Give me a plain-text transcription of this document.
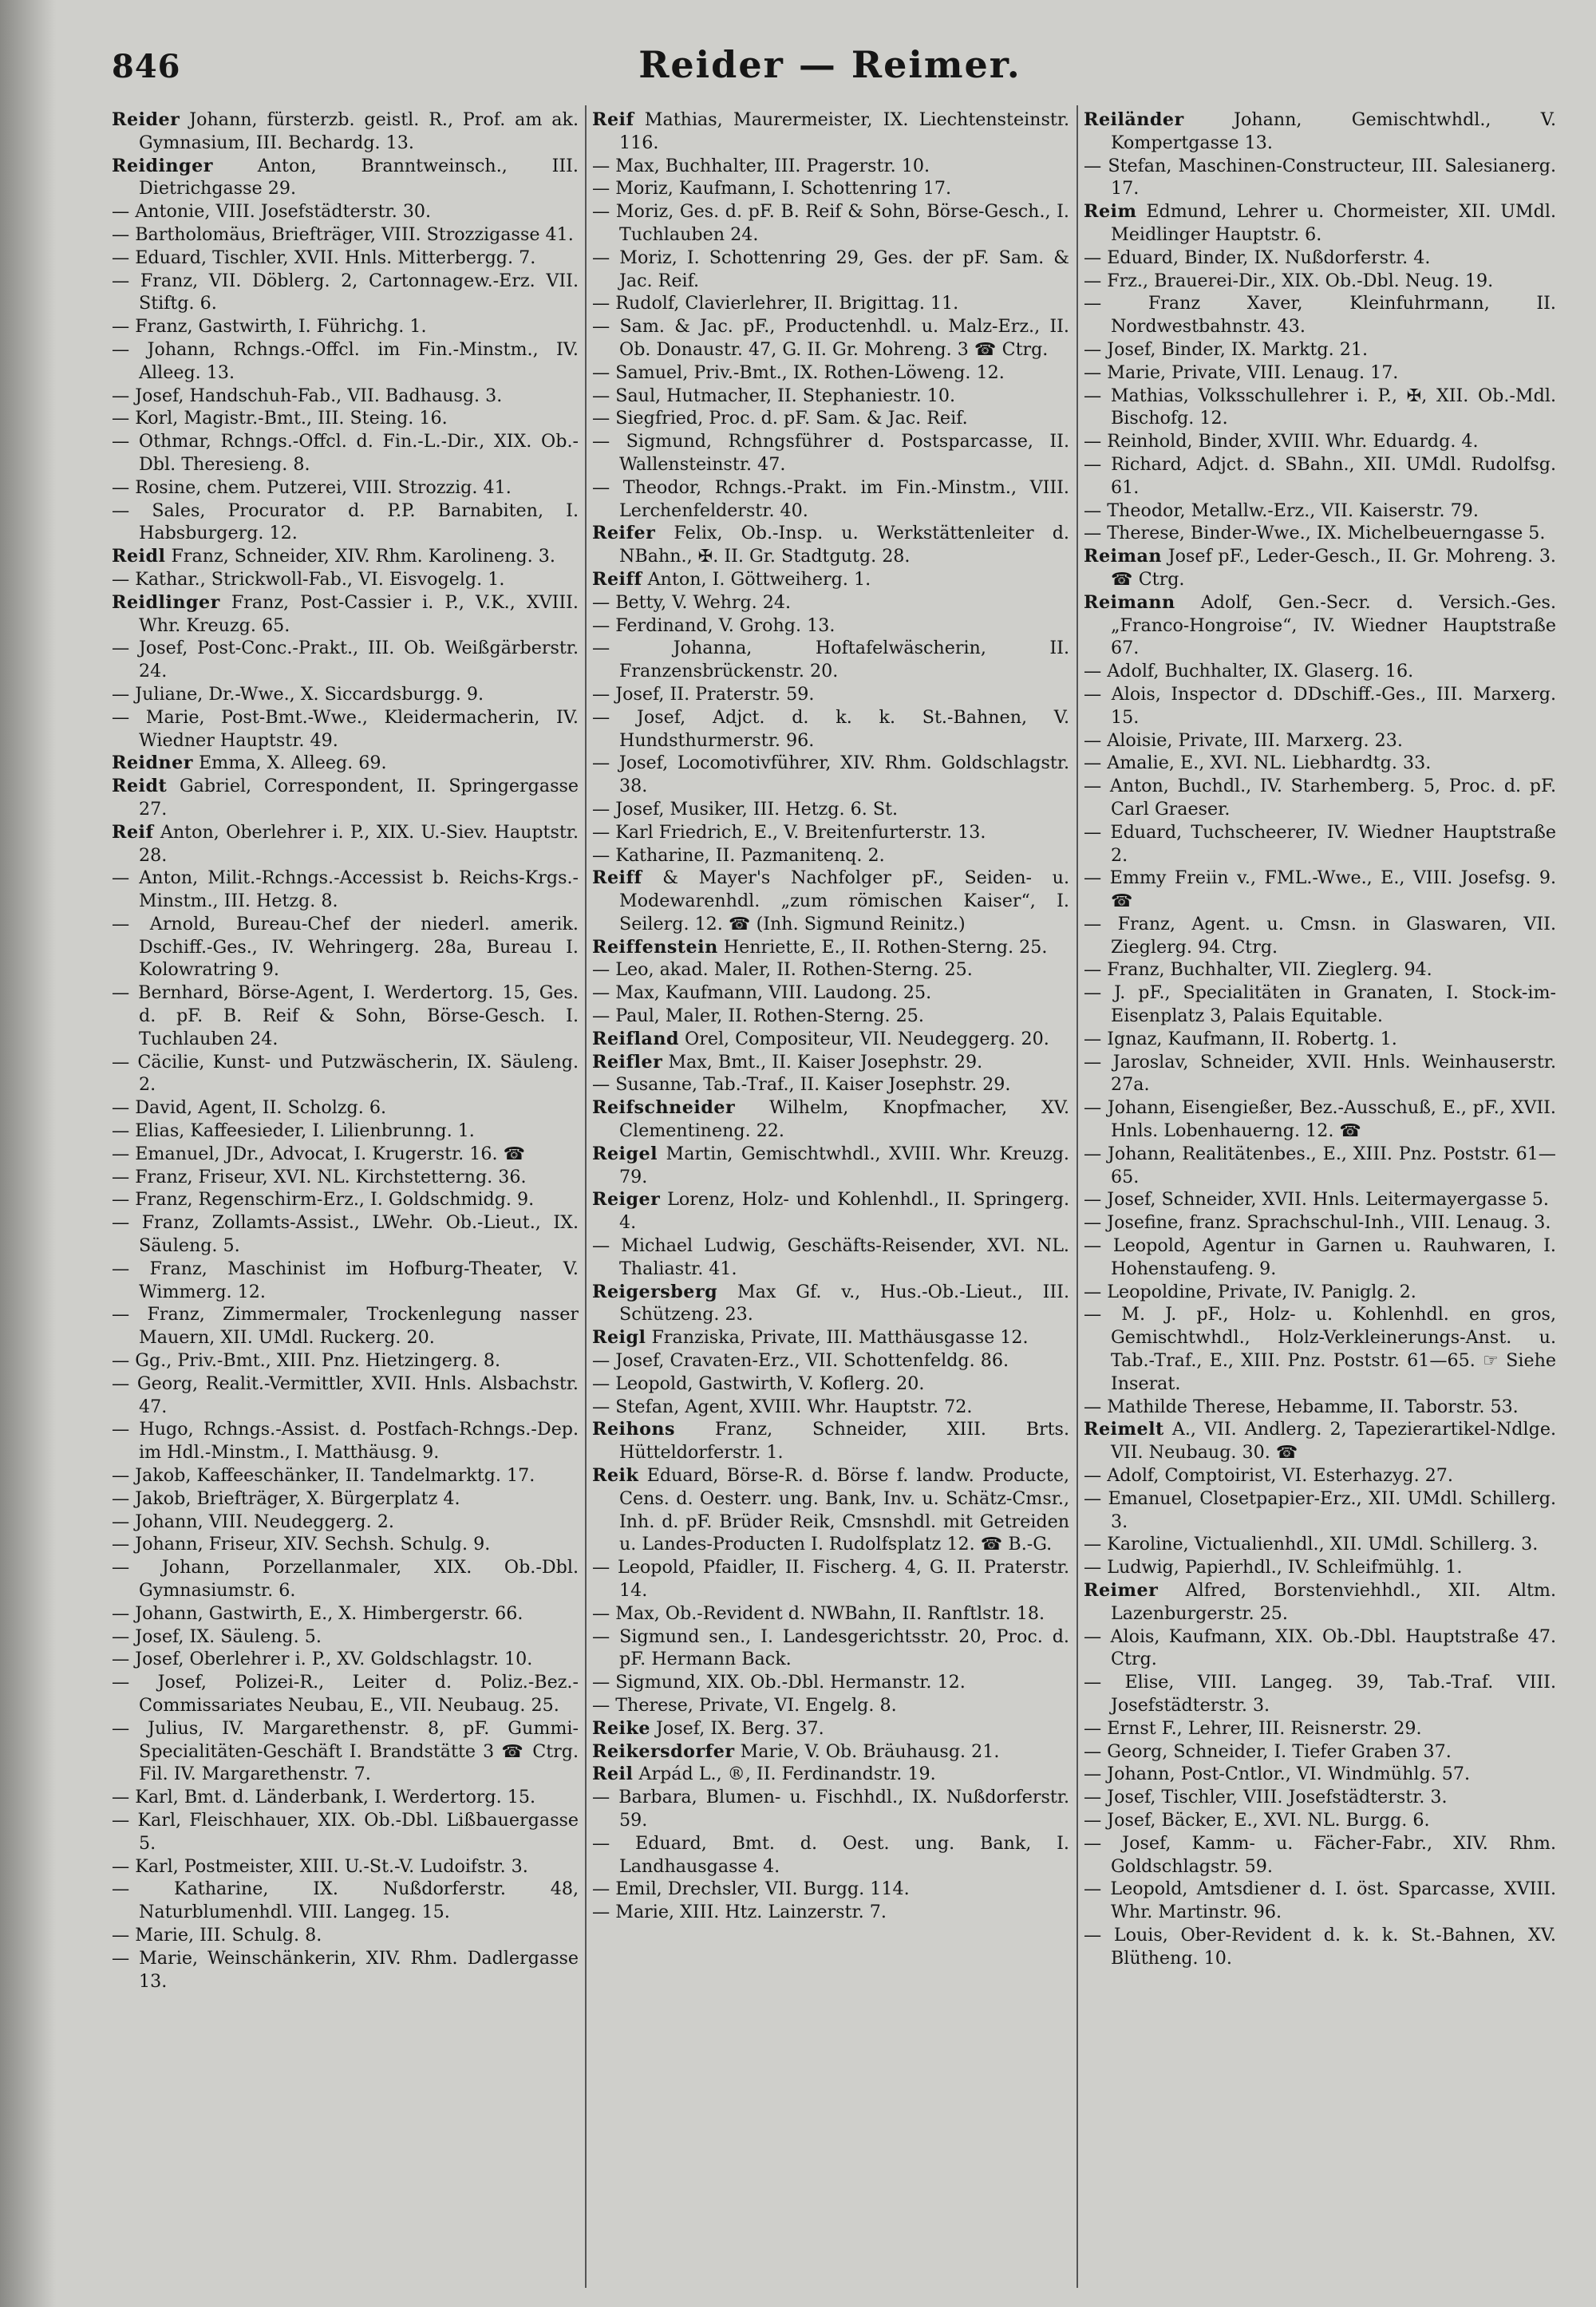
846	Reider — Reimer.

Reider Johann, fürsterzb. geistl. R., Prof. am ak. Gymnasium, III. Bechardg. 13.

Reidinger Anton, Branntweinsch., III. Dietrichgasse 29.

— Antonie, VIII. Josefstädterstr. 30.

— Bartholomäus, Briefträger, VIII. Strozzigasse 41.

— Eduard, Tischler, XVII. Hnls. Mitterbergg. 7.

— Franz, VII. Döblerg. 2, Cartonnagew.-Erz. VII. Stiftg. 6.

— Franz, Gastwirth, I. Führichg. 1.

— Johann, Rchngs.-Offcl. im Fin.-Minstm., IV. Alleeg. 13.

— Josef, Handschuh-Fab., VII. Badhausg. 3.

— Korl, Magistr.-Bmt., III. Steing. 16.

— Othmar, Rchngs.-Offcl. d. Fin.-L.-Dir., XIX. Ob.-Dbl. Theresieng. 8.

— Rosine, chem. Putzerei, VIII. Strozzig. 41.

— Sales, Procurator d. P.P. Barnabiten, I. Habsburgerg. 12.

Reidl Franz, Schneider, XIV. Rhm. Karolineng. 3.

— Kathar., Strickwoll-Fab., VI. Eisvogelg. 1.

Reidlinger Franz, Post-Cassier i. P., V.K., XVIII. Whr. Kreuzg. 65.

— Josef, Post-Conc.-Prakt., III. Ob. Weißgärberstr. 24.

— Juliane, Dr.-Wwe., X. Siccardsburgg. 9.

— Marie, Post-Bmt.-Wwe., Kleidermacherin, IV. Wiedner Hauptstr. 49.

Reidner Emma, X. Alleeg. 69.

Reidt Gabriel, Correspondent, II. Springergasse 27.

Reif Anton, Oberlehrer i. P., XIX. U.-Siev. Hauptstr. 28.

— Anton, Milit.-Rchngs.-Accessist b. Reichs-Krgs.-Minstm., III. Hetzg. 8.

— Arnold, Bureau-Chef der niederl. amerik. Dschiff.-Ges., IV. Wehringerg. 28a, Bureau I. Kolowratring 9.

— Bernhard, Börse-Agent, I. Werdertorg. 15, Ges. d. pF. B. Reif & Sohn, Börse-Gesch. I. Tuchlauben 24.

— Cäcilie, Kunst- und Putzwäscherin, IX. Säuleng. 2.

— David, Agent, II. Scholzg. 6.

— Elias, Kaffeesieder, I. Lilienbrunng. 1.

— Emanuel, JDr., Advocat, I. Krugerstr. 16. ☎

— Franz, Friseur, XVI. NL. Kirchstetterng. 36.

— Franz, Regenschirm-Erz., I. Goldschmidg. 9.

— Franz, Zollamts-Assist., LWehr. Ob.-Lieut., IX. Säuleng. 5.

— Franz, Maschinist im Hofburg-Theater, V. Wimmerg. 12.

— Franz, Zimmermaler, Trockenlegung nasser Mauern, XII. UMdl. Ruckerg. 20.

— Gg., Priv.-Bmt., XIII. Pnz. Hietzingerg. 8.

— Georg, Realit.-Vermittler, XVII. Hnls. Alsbachstr. 47.

— Hugo, Rchngs.-Assist. d. Postfach-Rchngs.-Dep. im Hdl.-Minstm., I. Matthäusg. 9.

— Jakob, Kaffeeschänker, II. Tandelmarktg. 17.

— Jakob, Briefträger, X. Bürgerplatz 4.

— Johann, VIII. Neudeggerg. 2.

— Johann, Friseur, XIV. Sechsh. Schulg. 9.

— Johann, Porzellanmaler, XIX. Ob.-Dbl. Gymnasiumstr. 6.

— Johann, Gastwirth, E., X. Himbergerstr. 66.

— Josef, IX. Säuleng. 5.

— Josef, Oberlehrer i. P., XV. Goldschlagstr. 10.

— Josef, Polizei-R., Leiter d. Poliz.-Bez.-Commissariates Neubau, E., VII. Neubaug. 25.

— Julius, IV. Margarethenstr. 8, pF. Gummi-Specialitäten-Geschäft I. Brandstätte 3 ☎ Ctrg. Fil. IV. Margarethenstr. 7.

— Karl, Bmt. d. Länderbank, I. Werdertorg. 15.

— Karl, Fleischhauer, XIX. Ob.-Dbl. Lißbauergasse 5.

— Karl, Postmeister, XIII. U.-St.-V. Ludoifstr. 3.

— Katharine, IX. Nußdorferstr. 48, Naturblumenhdl. VIII. Langeg. 15.

— Marie, III. Schulg. 8.

— Marie, Weinschänkerin, XIV. Rhm. Dadlergasse 13.

Reif Mathias, Maurermeister, IX. Liechtensteinstr. 116.

— Max, Buchhalter, III. Pragerstr. 10.

— Moriz, Kaufmann, I. Schottenring 17.

— Moriz, Ges. d. pF. B. Reif & Sohn, Börse-Gesch., I. Tuchlauben 24.

— Moriz, I. Schottenring 29, Ges. der pF. Sam. & Jac. Reif.

— Rudolf, Clavierlehrer, II. Brigittag. 11.

— Sam. & Jac. pF., Productenhdl. u. Malz-Erz., II. Ob. Donaustr. 47, G. II. Gr. Mohreng. 3 ☎ Ctrg.

— Samuel, Priv.-Bmt., IX. Rothen-Löweng. 12.

— Saul, Hutmacher, II. Stephaniestr. 10.

— Siegfried, Proc. d. pF. Sam. & Jac. Reif.

— Sigmund, Rchngsführer d. Postsparcasse, II. Wallensteinstr. 47.

— Theodor, Rchngs.-Prakt. im Fin.-Minstm., VIII. Lerchenfelderstr. 40.

Reifer Felix, Ob.-Insp. u. Werkstättenleiter d. NBahn., ✠. II. Gr. Stadtgutg. 28.

Reiff Anton, I. Göttweiherg. 1.

— Betty, V. Wehrg. 24.

— Ferdinand, V. Grohg. 13.

— Johanna, Hoftafelwäscherin, II. Franzensbrückenstr. 20.

— Josef, II. Praterstr. 59.

— Josef, Adjct. d. k. k. St.-Bahnen, V. Hundsthurmerstr. 96.

— Josef, Locomotivführer, XIV. Rhm. Goldschlagstr. 38.

— Josef, Musiker, III. Hetzg. 6. St.

— Karl Friedrich, E., V. Breitenfurterstr. 13.

— Katharine, II. Pazmanitenq. 2.

Reiff & Mayer's Nachfolger pF., Seiden- u. Modewarenhdl. „zum römischen Kaiser“, I. Seilerg. 12. ☎ (Inh. Sigmund Reinitz.)

Reiffenstein Henriette, E., II. Rothen-Sterng. 25.

— Leo, akad. Maler, II. Rothen-Sterng. 25.

— Max, Kaufmann, VIII. Laudong. 25.

— Paul, Maler, II. Rothen-Sterng. 25.

Reifland Orel, Compositeur, VII. Neudeggerg. 20.

Reifler Max, Bmt., II. Kaiser Josephstr. 29.

— Susanne, Tab.-Traf., II. Kaiser Josephstr. 29.

Reifschneider Wilhelm, Knopfmacher, XV. Clementineng. 22.

Reigel Martin, Gemischtwhdl., XVIII. Whr. Kreuzg. 79.

Reiger Lorenz, Holz- und Kohlenhdl., II. Springerg. 4.

— Michael Ludwig, Geschäfts-Reisender, XVI. NL. Thaliastr. 41.

Reigersberg Max Gf. v., Hus.-Ob.-Lieut., III. Schützeng. 23.

Reigl Franziska, Private, III. Matthäusgasse 12.

— Josef, Cravaten-Erz., VII. Schottenfeldg. 86.

— Leopold, Gastwirth, V. Koflerg. 20.

— Stefan, Agent, XVIII. Whr. Hauptstr. 72.

Reihons Franz, Schneider, XIII. Brts. Hütteldorferstr. 1.

Reik Eduard, Börse-R. d. Börse f. landw. Producte, Cens. d. Oesterr. ung. Bank, Inv. u. Schätz-Cmsr., Inh. d. pF. Brüder Reik, Cmsnshdl. mit Getreiden u. Landes-Producten I. Rudolfsplatz 12. ☎ B.-G.

— Leopold, Pfaidler, II. Fischerg. 4, G. II. Praterstr. 14.

— Max, Ob.-Revident d. NWBahn, II. Ranftlstr. 18.

— Sigmund sen., I. Landesgerichtsstr. 20, Proc. d. pF. Hermann Back.

— Sigmund, XIX. Ob.-Dbl. Hermanstr. 12.

— Therese, Private, VI. Engelg. 8.

Reike Josef, IX. Berg. 37.

Reikersdorfer Marie, V. Ob. Bräuhausg. 21.

Reil Arpád L., ®, II. Ferdinandstr. 19.

— Barbara, Blumen- u. Fischhdl., IX. Nußdorferstr. 59.

— Eduard, Bmt. d. Oest. ung. Bank, I. Landhausgasse 4.

— Emil, Drechsler, VII. Burgg. 114.

— Marie, XIII. Htz. Lainzerstr. 7.

Reiländer Johann, Gemischtwhdl., V. Kompertgasse 13.

— Stefan, Maschinen-Constructeur, III. Salesianerg. 17.

Reim Edmund, Lehrer u. Chormeister, XII. UMdl. Meidlinger Hauptstr. 6.

— Eduard, Binder, IX. Nußdorferstr. 4.

— Frz., Brauerei-Dir., XIX. Ob.-Dbl. Neug. 19.

— Franz Xaver, Kleinfuhrmann, II. Nordwestbahnstr. 43.

— Josef, Binder, IX. Marktg. 21.

— Marie, Private, VIII. Lenaug. 17.

— Mathias, Volksschullehrer i. P., ✠, XII. Ob.-Mdl. Bischofg. 12.

— Reinhold, Binder, XVIII. Whr. Eduardg. 4.

— Richard, Adjct. d. SBahn., XII. UMdl. Rudolfsg. 61.

— Theodor, Metallw.-Erz., VII. Kaiserstr. 79.

— Therese, Binder-Wwe., IX. Michelbeuerngasse 5.

Reiman Josef pF., Leder-Gesch., II. Gr. Mohreng. 3. ☎ Ctrg.

Reimann Adolf, Gen.-Secr. d. Versich.-Ges. „Franco-Hongroise“, IV. Wiedner Hauptstraße 67.

— Adolf, Buchhalter, IX. Glaserg. 16.

— Alois, Inspector d. DDschiff.-Ges., III. Marxerg. 15.

— Aloisie, Private, III. Marxerg. 23.

— Amalie, E., XVI. NL. Liebhardtg. 33.

— Anton, Buchdl., IV. Starhemberg. 5, Proc. d. pF. Carl Graeser.

— Eduard, Tuchscheerer, IV. Wiedner Hauptstraße 2.

— Emmy Freiin v., FML.-Wwe., E., VIII. Josefsg. 9. ☎

— Franz, Agent. u. Cmsn. in Glaswaren, VII. Zieglerg. 94. Ctrg.

— Franz, Buchhalter, VII. Zieglerg. 94.

— J. pF., Specialitäten in Granaten, I. Stock-im-Eisenplatz 3, Palais Equitable.

— Ignaz, Kaufmann, II. Robertg. 1.

— Jaroslav, Schneider, XVII. Hnls. Weinhauserstr. 27a.

— Johann, Eisengießer, Bez.-Ausschuß, E., pF., XVII. Hnls. Lobenhauerng. 12. ☎

— Johann, Realitätenbes., E., XIII. Pnz. Poststr. 61—65.

— Josef, Schneider, XVII. Hnls. Leitermayergasse 5.

— Josefine, franz. Sprachschul-Inh., VIII. Lenaug. 3.

— Leopold, Agentur in Garnen u. Rauhwaren, I. Hohenstaufeng. 9.

— Leopoldine, Private, IV. Paniglg. 2.

— M. J. pF., Holz- u. Kohlenhdl. en gros, Gemischtwhdl., Holz-Verkleinerungs-Anst. u. Tab.-Traf., E., XIII. Pnz. Poststr. 61—65. ☞ Siehe Inserat.

— Mathilde Therese, Hebamme, II. Taborstr. 53.

Reimelt A., VII. Andlerg. 2, Tapezierartikel-Ndlge. VII. Neubaug. 30. ☎

— Adolf, Comptoirist, VI. Esterhazyg. 27.

— Emanuel, Closetpapier-Erz., XII. UMdl. Schillerg. 3.

— Karoline, Victualienhdl., XII. UMdl. Schillerg. 3.

— Ludwig, Papierhdl., IV. Schleifmühlg. 1.

Reimer Alfred, Borstenviehhdl., XII. Altm. Lazenburgerstr. 25.

— Alois, Kaufmann, XIX. Ob.-Dbl. Hauptstraße 47. Ctrg.

— Elise, VIII. Langeg. 39, Tab.-Traf. VIII. Josefstädterstr. 3.

— Ernst F., Lehrer, III. Reisnerstr. 29.

— Georg, Schneider, I. Tiefer Graben 37.

— Johann, Post-Cntlor., VI. Windmühlg. 57.

— Josef, Tischler, VIII. Josefstädterstr. 3.

— Josef, Bäcker, E., XVI. NL. Burgg. 6.

— Josef, Kamm- u. Fächer-Fabr., XIV. Rhm. Goldschlagstr. 59.

— Leopold, Amtsdiener d. I. öst. Sparcasse, XVIII. Whr. Martinstr. 96.

— Louis, Ober-Revident d. k. k. St.-Bahnen, XV. Blütheng. 10.
